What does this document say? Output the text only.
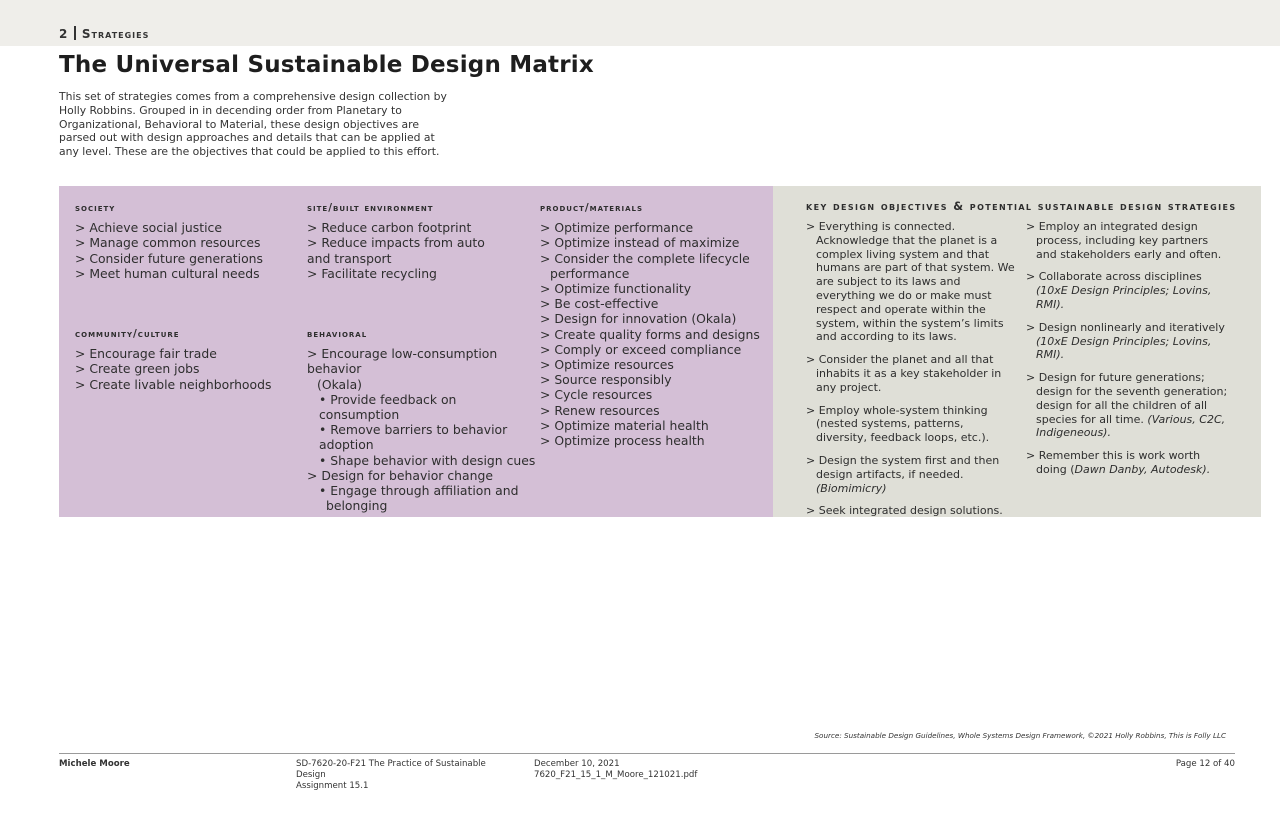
2 Strategies
The Universal Sustainable Design Matrix

This set of strategies comes from a comprehensive design collection by Holly Robbins. Grouped in in decending order from Planetary to Organizational, Behavioral to Material, these design objectives are parsed out with design approaches and details that can be applied at any level. These are the objectives that could be applied to this effort.

society
> Achieve social justice
> Manage common resources
> Consider future generations
> Meet human cultural needs
site/built environment
> Reduce carbon footprint
> Reduce impacts from auto and transport
> Facilitate recycling
product/materials
> Optimize performance
> Optimize instead of maximize
> Consider the complete lifecycle
performance
> Optimize functionality
> Be cost-effective
> Design for innovation (Okala)
> Create quality forms and designs
> Comply or exceed compliance
> Optimize resources
> Source responsibly
> Cycle resources
> Renew resources
> Optimize material health
> Optimize process health
community/culture
> Encourage fair trade
> Create green jobs
> Create livable neighborhoods
behavioral
> Encourage low-consumption behavior
(Okala)
• Provide feedback on consumption
• Remove barriers to behavior adoption
• Shape behavior with design cues
> Design for behavior change
• Engage through affiliation and
belonging
key design objectives & potential sustainable design strategies

> Everything is connected. Acknowledge that the planet is a complex living system and that humans are part of that system. We are subject to its laws and everything we do or make must respect and operate within the system, within the system’s limits and according to its laws.

> Consider the planet and all that inhabits it as a key stakeholder in any project.

> Employ whole-system thinking (nested systems, patterns, diversity, feedback loops, etc.).

> Design the system first and then design artifacts, if needed. (Biomimicry)

> Seek integrated design solutions.

> Employ an integrated design process, including key partners and stakeholders early and often.

> Collaborate across disciplines (10xE Design Principles; Lovins, RMI).

> Design nonlinearly and iteratively (10xE Design Principles; Lovins, RMI).

> Design for future generations; design for the seventh generation; design for all the children of all species for all time. (Various, C2C, Indigeneous).

> Remember this is work worth doing (Dawn Danby, Autodesk).

Source: Sustainable Design Guidelines, Whole Systems Design Framework, ©2021 Holly Robbins, This is Folly LLC
Michele Moore	SD-7620-20-F21 The Practice of Sustainable Design
Assignment 15.1
December 10, 2021
7620_F21_15_1_M_Moore_121021.pdf
Page 12 of 40
